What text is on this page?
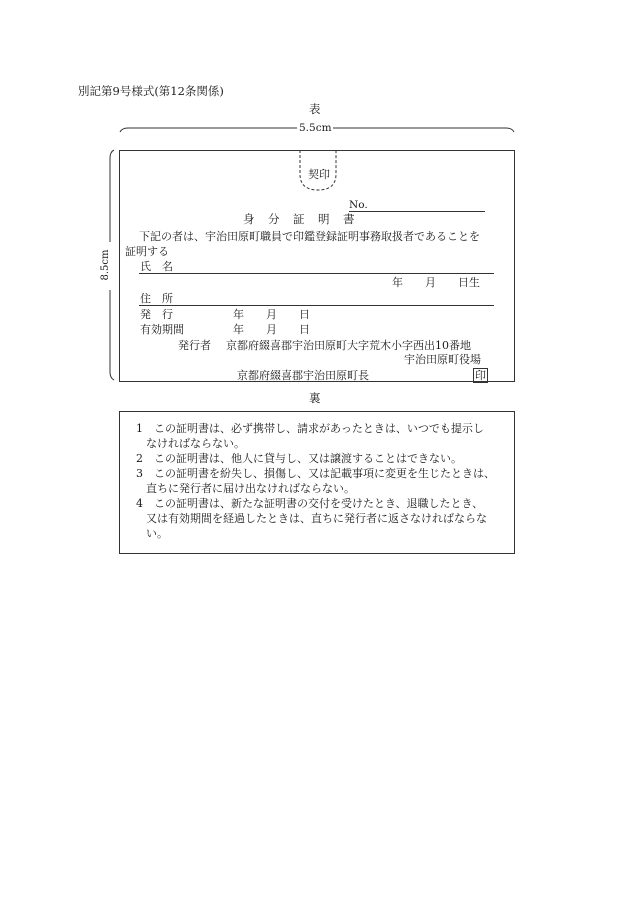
別記第9号様式(第12条関係)
表
5.5cm
8.5cm
契印
No.
身　分　証　明　書
下記の者は、宇治田原町職員で印鑑登録証明事務取扱者であることを
証明する
氏　名
年　　月　　日生
住　所
発　行	年　　月　　日
有効期間	年　　月　　日
発行者 京都府綴喜郡宇治田原町大字荒木小字西出10番地
宇治田原町役場
京都府綴喜郡宇治田原町長	印
裏
1　この証明書は、必ず携帯し、請求があったときは、いつでも提示し
なければならない。
2　この証明書は、他人に貸与し、又は譲渡することはできない。
3　この証明書を紛失し、損傷し、又は記載事項に変更を生じたときは、
直ちに発行者に届け出なければならない。
4　この証明書は、新たな証明書の交付を受けたとき、退職したとき、
又は有効期間を経過したときは、直ちに発行者に返さなければならな
い。
